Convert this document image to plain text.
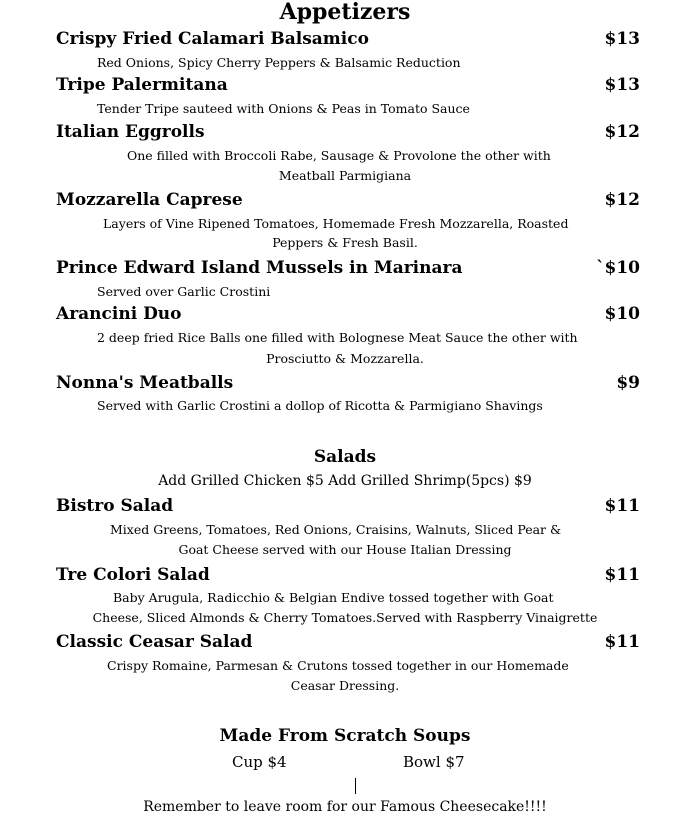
Appetizers
Crispy Fried Calamari Balsamico	$13
Red Onions, Spicy Cherry Peppers & Balsamic Reduction
Tripe Palermitana	$13
Tender Tripe sauteed with Onions & Peas in Tomato Sauce
Italian Eggrolls	$12
One filled with Broccoli Rabe, Sausage & Provolone the other with
Meatball Parmigiana
Mozzarella Caprese	$12
Layers of Vine Ripened Tomatoes, Homemade Fresh Mozzarella, Roasted
Peppers & Fresh Basil.
Prince Edward Island Mussels in Marinara	`$10
Served over Garlic Crostini
Arancini Duo	$10
2 deep fried Rice Balls one filled with Bolognese Meat Sauce the other with
Prosciutto & Mozzarella.
Nonna's Meatballs	$9
Served with Garlic Crostini a dollop of Ricotta & Parmigiano Shavings
Salads
Add Grilled Chicken $5 Add Grilled Shrimp(5pcs) $9
Bistro Salad	$11
Mixed Greens, Tomatoes, Red Onions, Craisins, Walnuts, Sliced Pear &
Goat Cheese served with our House Italian Dressing
Tre Colori Salad	$11
Baby Arugula, Radicchio & Belgian Endive tossed together with Goat
Cheese, Sliced Almonds & Cherry Tomatoes.Served with Raspberry Vinaigrette
Classic Ceasar Salad	$11
Crispy Romaine, Parmesan & Crutons tossed together in our Homemade
Ceasar Dressing.
Made From Scratch Soups
Cup $4	Bowl $7
Remember to leave room for our Famous Cheesecake!!!!
